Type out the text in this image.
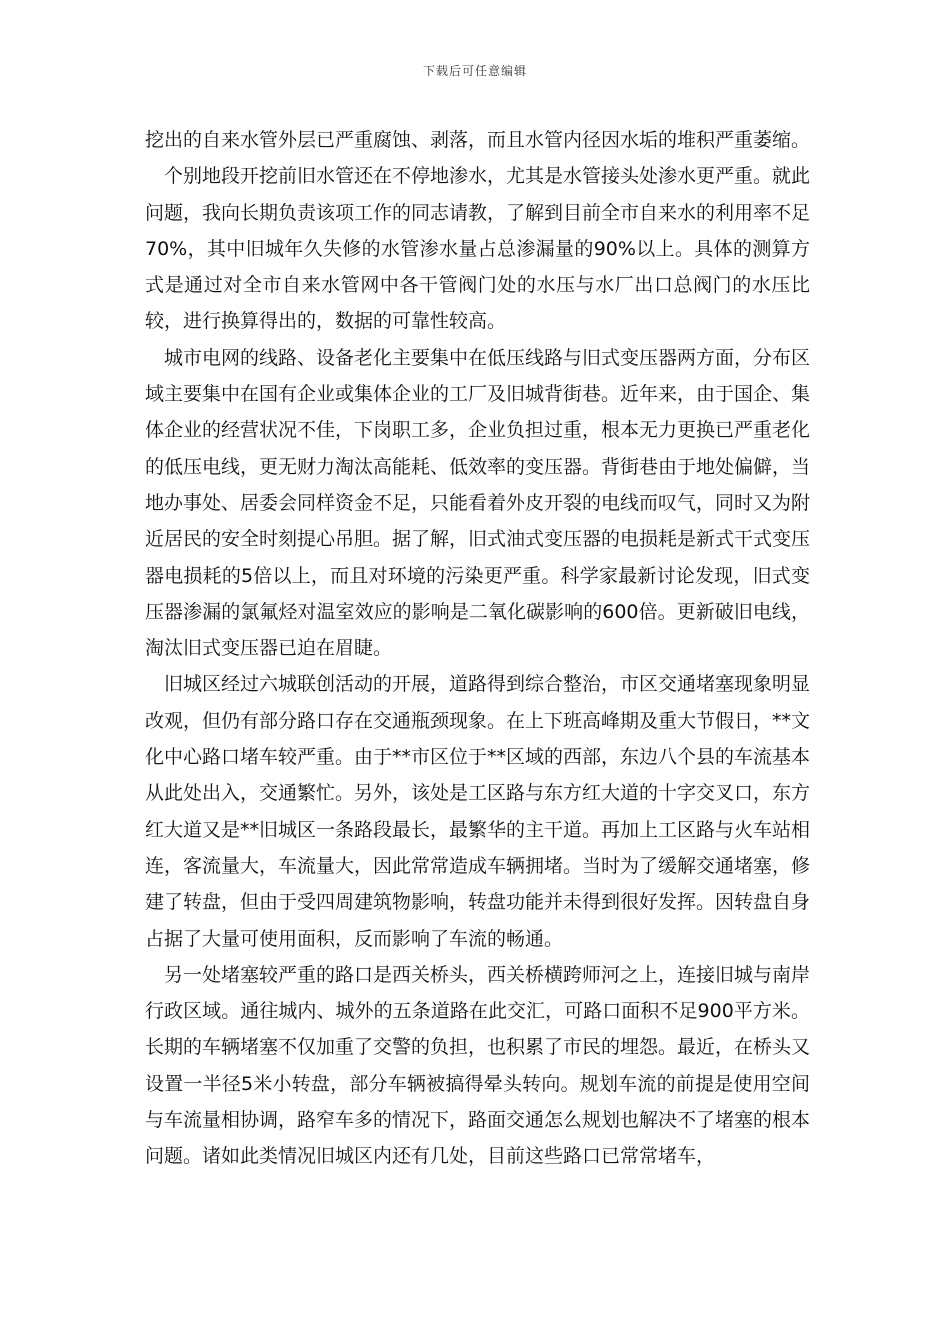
下载后可任意编辑

挖出的自来水管外层已严重腐蚀、剥落，而且水管内径因水垢的堆积严重萎缩。

个别地段开挖前旧水管还在不停地渗水，尤其是水管接头处渗水更严重。就此问题，我向长期负责该项工作的同志请教，了解到目前全市自来水的利用率不足70%，其中旧城年久失修的水管渗水量占总渗漏量的90%以上。具体的测算方式是通过对全市自来水管网中各干管阀门处的水压与水厂出口总阀门的水压比较，进行换算得出的，数据的可靠性较高。

城市电网的线路、设备老化主要集中在低压线路与旧式变压器两方面，分布区域主要集中在国有企业或集体企业的工厂及旧城背街巷。近年来，由于国企、集体企业的经营状况不佳，下岗职工多，企业负担过重，根本无力更换已严重老化的低压电线，更无财力淘汰高能耗、低效率的变压器。背街巷由于地处偏僻，当地办事处、居委会同样资金不足，只能看着外皮开裂的电线而叹气，同时又为附近居民的安全时刻提心吊胆。据了解，旧式油式变压器的电损耗是新式干式变压器电损耗的5倍以上，而且对环境的污染更严重。科学家最新讨论发现，旧式变压器渗漏的氯氟烃对温室效应的影响是二氧化碳影响的600倍。更新破旧电线，淘汰旧式变压器已迫在眉睫。

旧城区经过六城联创活动的开展，道路得到综合整治，市区交通堵塞现象明显改观，但仍有部分路口存在交通瓶颈现象。在上下班高峰期及重大节假日，**文化中心路口堵车较严重。由于**市区位于**区域的西部，东边八个县的车流基本从此处出入，交通繁忙。另外，该处是工区路与东方红大道的十字交叉口，东方红大道又是**旧城区一条路段最长，最繁华的主干道。再加上工区路与火车站相连，客流量大，车流量大，因此常常造成车辆拥堵。当时为了缓解交通堵塞，修建了转盘，但由于受四周建筑物影响，转盘功能并未得到很好发挥。因转盘自身占据了大量可使用面积，反而影响了车流的畅通。

另一处堵塞较严重的路口是西关桥头，西关桥横跨师河之上，连接旧城与南岸行政区域。通往城内、城外的五条道路在此交汇，可路口面积不足900平方米。长期的车辆堵塞不仅加重了交警的负担，也积累了市民的埋怨。最近，在桥头又设置一半径5米小转盘，部分车辆被搞得晕头转向。规划车流的前提是使用空间与车流量相协调，路窄车多的情况下，路面交通怎么规划也解决不了堵塞的根本问题。诸如此类情况旧城区内还有几处，目前这些路口已常常堵车，
